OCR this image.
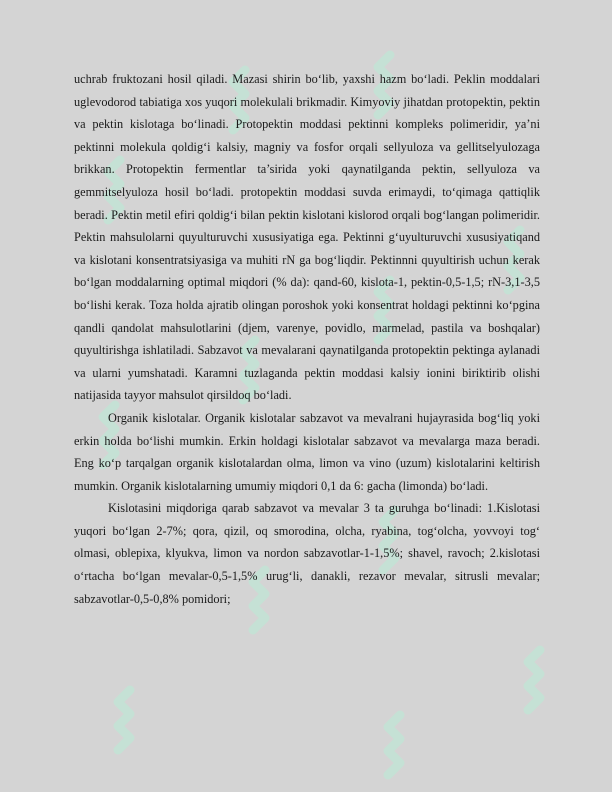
uchrab fruktozani hosil qiladi. Mazasi shirin bo‘lib, yaxshi hazm bo‘ladi. Peklin moddalari uglevodorod tabiatiga xos yuqori molekulali brikmadir. Kimyoviy jihatdan protopektin, pektin va pektin kislotaga bo‘linadi. Protopektin moddasi pektinni kompleks polimeridir, ya’ni pektinni molekula qoldig‘i kalsiy, magniy va fosfor orqali sellyuloza va gellitselyulozaga brikkan. Protopektin fermentlar ta’sirida yoki qaynatilganda pektin, sellyuloza va gemmitselyuloza hosil bo‘ladi. protopektin moddasi suvda erimaydi, to‘qimaga qattiqlik beradi. Pektin metil efiri qoldig‘i bilan pektin kislotani kislorod orqali bog‘langan polimeridir. Pektin mahsulolarni quyulturuvchi xususiyatiga ega. Pektinni g‘uyulturuvchi xususiyatiqand va kislotani konsentratsiyasiga va muhiti rN ga bog‘liqdir. Pektinnni quyultirish uchun kerak bo‘lgan moddalarning optimal miqdori (% da): qand-60, kislota-1, pektin-0,5-1,5; rN-3,1-3,5 bo‘lishi kerak. Toza holda ajratib olingan poroshok yoki konsentrat holdagi pektinni ko‘pgina qandli qandolat mahsulotlarini (djem, varenye, povidlo, marmelad, pastila va boshqalar) quyultirishga ishlatiladi. Sabzavot va mevalarani qaynatilganda protopektin pektinga aylanadi va ularni yumshatadi. Karamni tuzlaganda pektin moddasi kalsiy ionini biriktirib olishi natijasida tayyor mahsulot qirsildoq bo‘ladi.

Organik kislotalar. Organik kislotalar sabzavot va mevalrani hujayrasida bog‘liq yoki erkin holda bo‘lishi mumkin. Erkin holdagi kislotalar sabzavot va mevalarga maza beradi. Eng ko‘p tarqalgan organik kislotalardan olma, limon va vino (uzum) kislotalarini keltirish mumkin. Organik kislotalarning umumiy miqdori 0,1 da 6: gacha (limonda) bo‘ladi.

Kislotasini miqdoriga qarab sabzavot va mevalar 3 ta guruhga bo‘linadi: 1.Kislotasi yuqori bo‘lgan 2-7%; qora, qizil, oq smorodina, olcha, ryabina, tog‘olcha, yovvoyi tog‘ olmasi, oblepixa, klyukva, limon va nordon sabzavotlar-1-1,5%; shavel, ravoch; 2.kislotasi o‘rtacha bo‘lgan mevalar-0,5-1,5% urug‘li, danakli, rezavor mevalar, sitrusli mevalar; sabzavotlar-0,5-0,8% pomidori;
